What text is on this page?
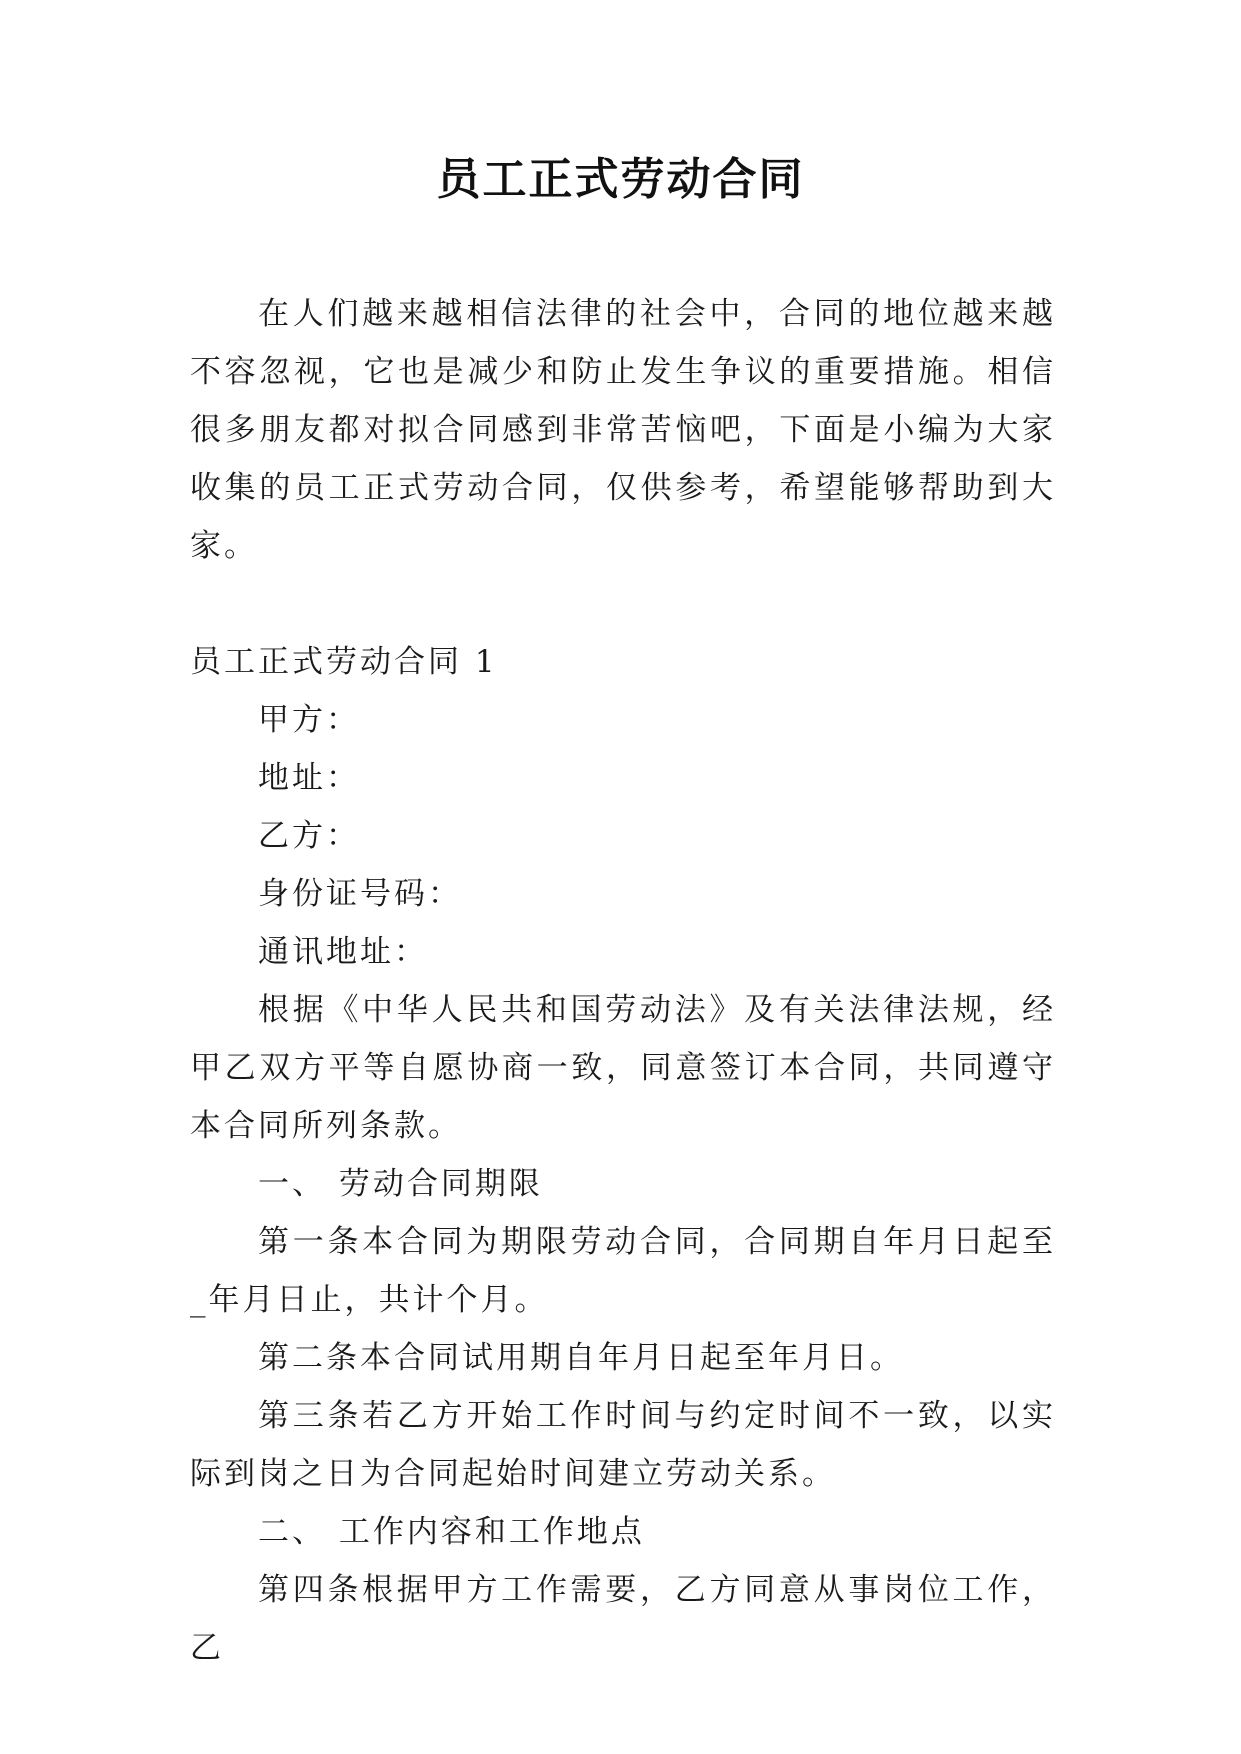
员工正式劳动合同

在人们越来越相信法律的社会中，合同的地位越来越不容忽视，它也是减少和防止发生争议的重要措施。相信很多朋友都对拟合同感到非常苦恼吧，下面是小编为大家收集的员工正式劳动合同，仅供参考，希望能够帮助到大家。

员工正式劳动合同 1

甲方：

地址：

乙方：

身份证号码：

通讯地址：

根据《中华人民共和国劳动法》及有关法律法规，经甲乙双方平等自愿协商一致，同意签订本合同，共同遵守本合同所列条款。

一、 劳动合同期限

第一条本合同为期限劳动合同，合同期自年月日起至_年月日止，共计个月。

第二条本合同试用期自年月日起至年月日。

第三条若乙方开始工作时间与约定时间不一致，以实际到岗之日为合同起始时间建立劳动关系。

二、 工作内容和工作地点

第四条根据甲方工作需要，乙方同意从事岗位工作，乙
